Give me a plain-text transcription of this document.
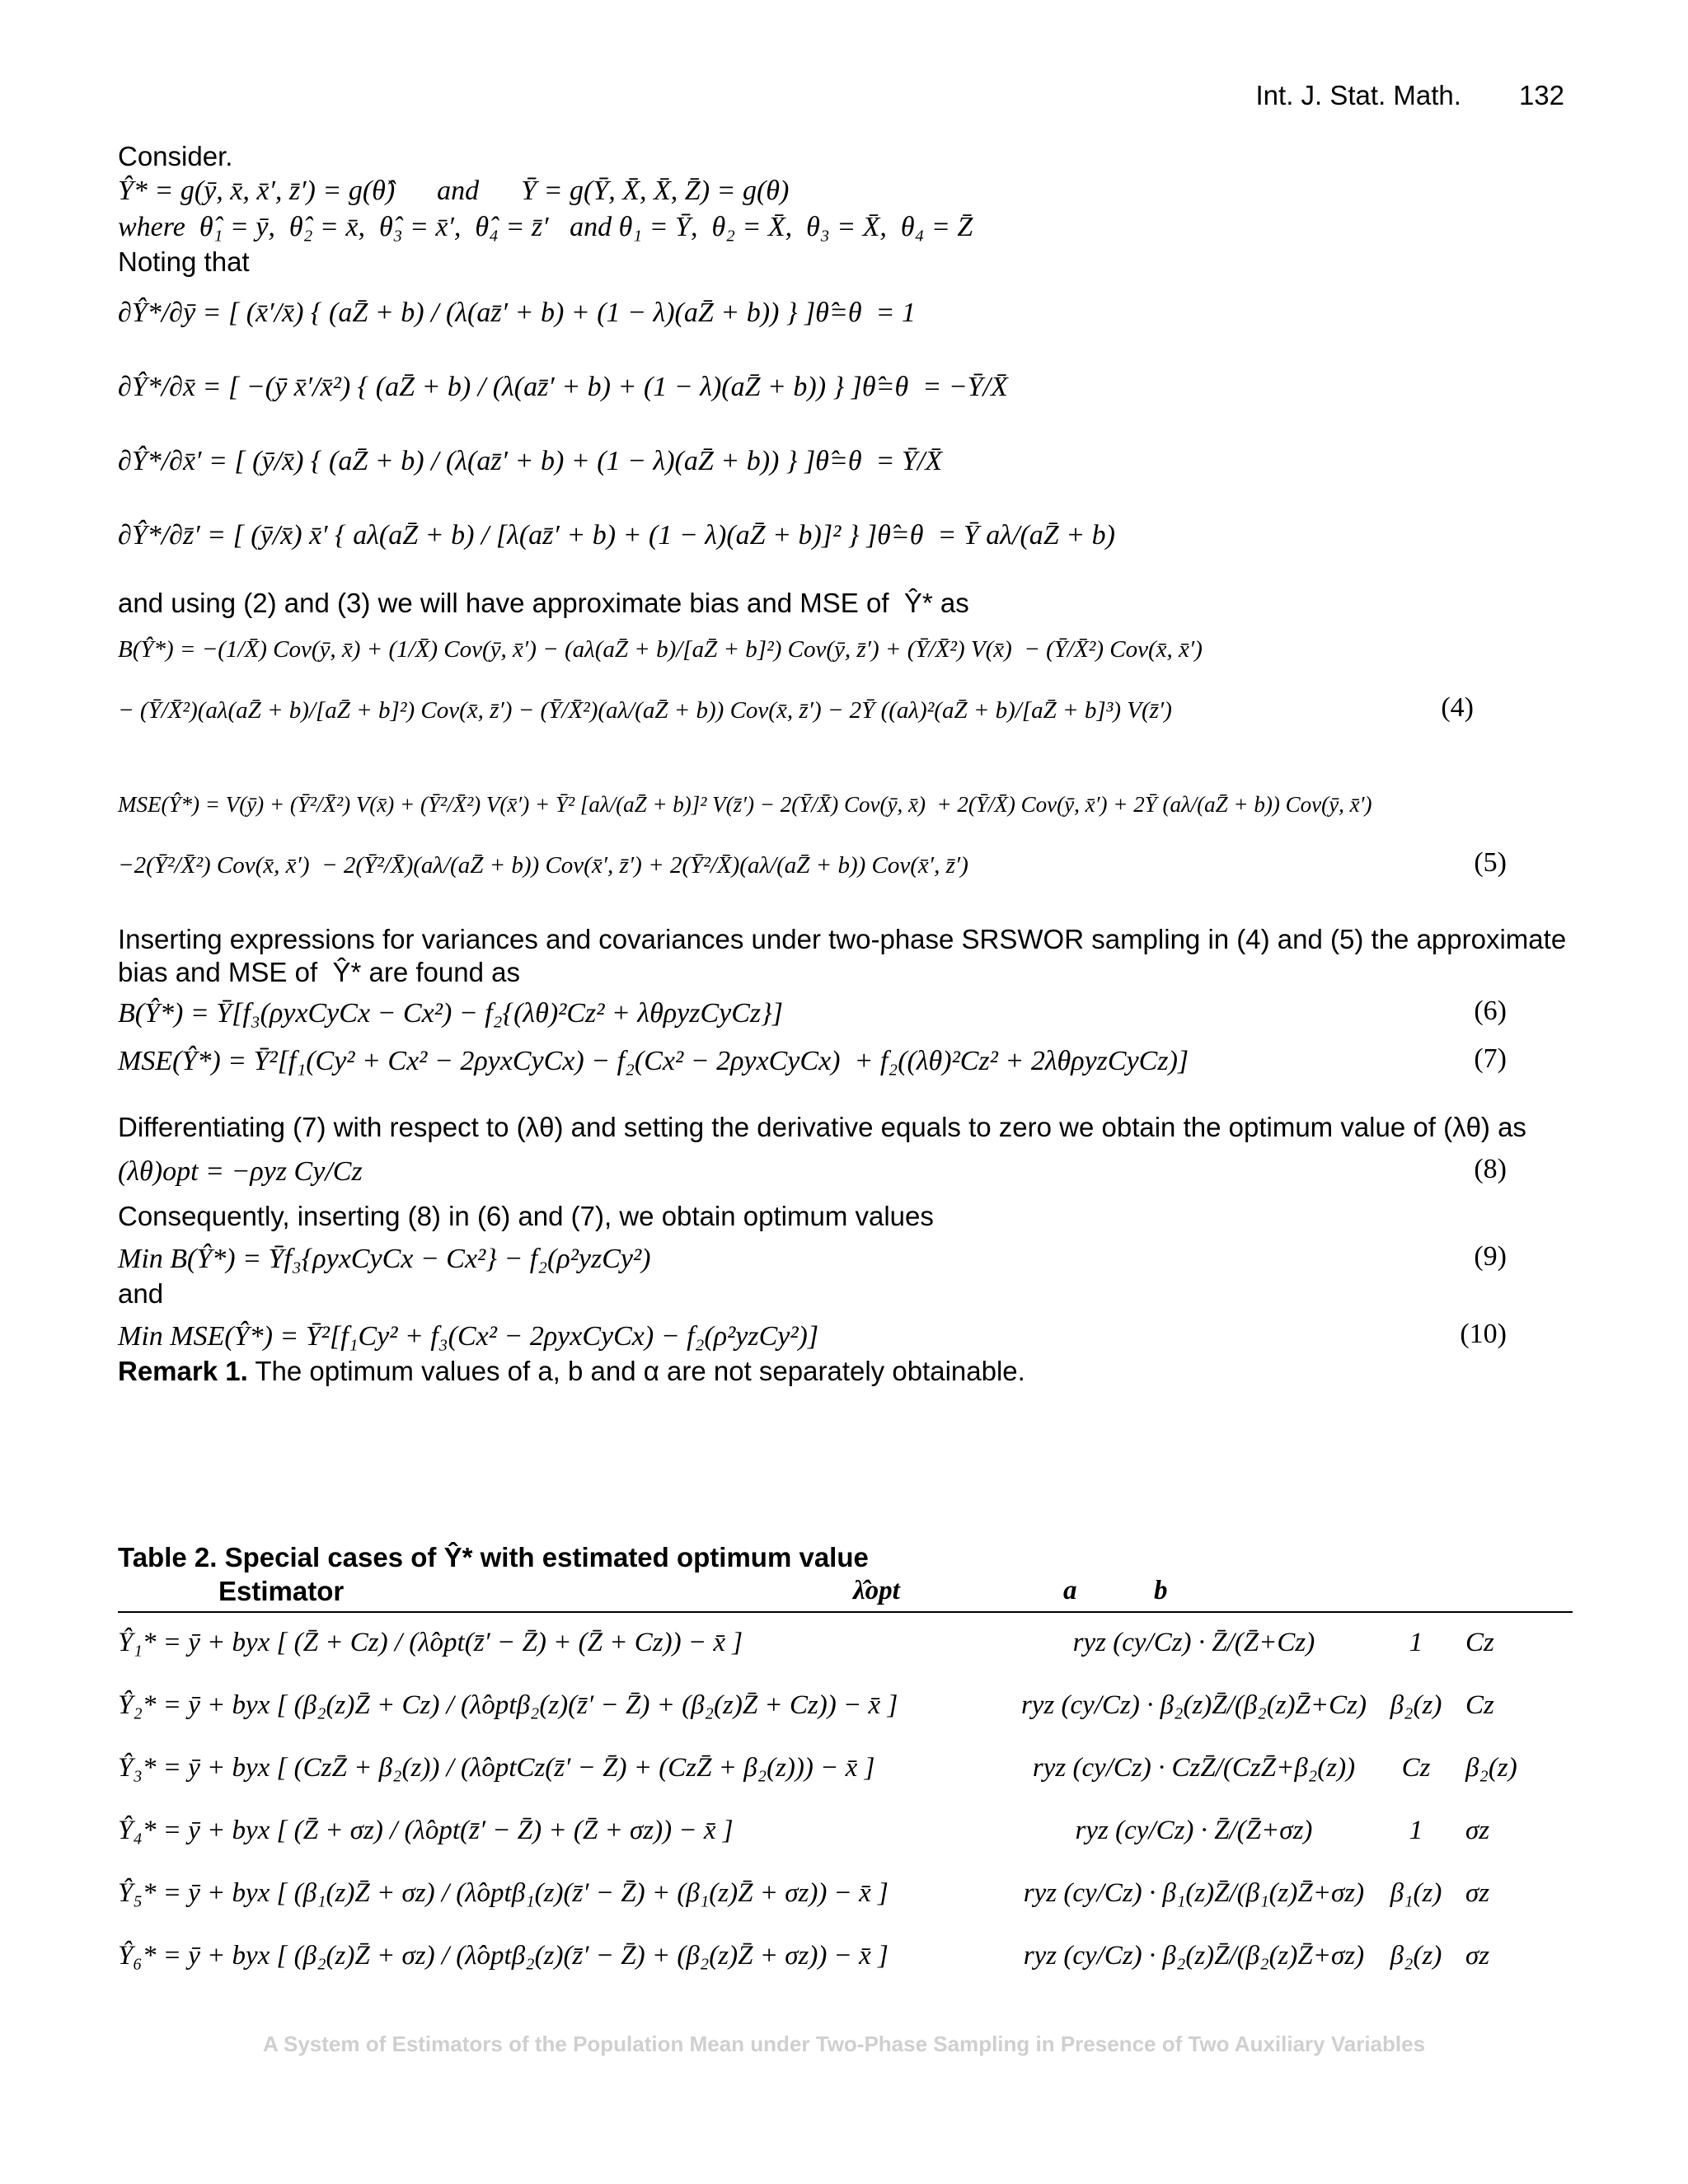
Int. J. Stat. Math. 132
Consider.
Ŷ* = g(ȳ, x̄, x̄′, z̄′) = g(θ̂)      and      Ȳ = g(Ȳ, X̄, X̄, Z̄) = g(θ)
where  θ̂₁ = ȳ,  θ̂₂ = x̄,  θ̂₃ = x̄′,  θ̂₄ = z̄′   and θ₁ = Ȳ,  θ₂ = X̄,  θ₃ = X̄,  θ₄ = Z̄
Noting that
∂Ŷ*/∂ȳ = [ (x̄′/x̄) { (aZ̄ + b) / (λ(az̄′ + b) + (1 − λ)(aZ̄ + b)) } ]θ̂=θ  = 1
∂Ŷ*/∂x̄ = [ −(ȳ x̄′/x̄²) { (aZ̄ + b) / (λ(az̄′ + b) + (1 − λ)(aZ̄ + b)) } ]θ̂=θ  = −Ȳ/X̄
∂Ŷ*/∂x̄′ = [ (ȳ/x̄) { (aZ̄ + b) / (λ(az̄′ + b) + (1 − λ)(aZ̄ + b)) } ]θ̂=θ  = Ȳ/X̄
∂Ŷ*/∂z̄′ = [ (ȳ/x̄) x̄′ { aλ(aZ̄ + b) / [λ(az̄′ + b) + (1 − λ)(aZ̄ + b)]² } ]θ̂=θ  = Ȳ aλ/(aZ̄ + b)
and using (2) and (3) we will have approximate bias and MSE of  Ŷ* as
B(Ŷ*) = −(1/X̄) Cov(ȳ, x̄) + (1/X̄) Cov(ȳ, x̄′) − (aλ(aZ̄ + b)/[aZ̄ + b]²) Cov(ȳ, z̄′) + (Ȳ/X̄²) V(x̄)  − (Ȳ/X̄²) Cov(x̄, x̄′)
− (Ȳ/X̄²)(aλ(aZ̄ + b)/[aZ̄ + b]²) Cov(x̄, z̄′) − (Ȳ/X̄²)(aλ/(aZ̄ + b)) Cov(x̄, z̄′) − 2Ȳ ((aλ)²(aZ̄ + b)/[aZ̄ + b]³) V(z̄′)	(4)
MSE(Ŷ*) = V(ȳ) + (Ȳ²/X̄²) V(x̄) + (Ȳ²/X̄²) V(x̄′) + Ȳ² [aλ/(aZ̄ + b)]² V(z̄′) − 2(Ȳ/X̄) Cov(ȳ, x̄)  + 2(Ȳ/X̄) Cov(ȳ, x̄′) + 2Ȳ (aλ/(aZ̄ + b)) Cov(ȳ, x̄′)
−2(Ȳ²/X̄²) Cov(x̄, x̄′)  − 2(Ȳ²/X̄)(aλ/(aZ̄ + b)) Cov(x̄′, z̄′) + 2(Ȳ²/X̄)(aλ/(aZ̄ + b)) Cov(x̄′, z̄′)	(5)
Inserting expressions for variances and covariances under two-phase SRSWOR sampling in (4) and (5) the approximate
bias and MSE of  Ŷ* are found as
B(Ŷ*) = Ȳ[f₃(ρyxCyCx − Cx²) − f₂{(λθ)²Cz² + λθρyzCyCz}]	(6)
MSE(Ŷ*) = Ȳ²[f₁(Cy² + Cx² − 2ρyxCyCx) − f₂(Cx² − 2ρyxCyCx)  + f₂((λθ)²Cz² + 2λθρyzCyCz)]	(7)
Differentiating (7) with respect to (λθ) and setting the derivative equals to zero we obtain the optimum value of (λθ) as
(λθ)opt = −ρyz Cy/Cz	(8)
Consequently, inserting (8) in (6) and (7), we obtain optimum values
Min B(Ŷ*) = Ȳf₃{ρyxCyCx − Cx²} − f₂(ρ²yzCy²)	(9)
and
Min MSE(Ŷ*) = Ȳ²[f₁Cy² + f₃(Cx² − 2ρyxCyCx) − f₂(ρ²yzCy²)]	(10)
Remark 1. The optimum values of a, b and α are not separately obtainable.
Table 2. Special cases of Ŷ* with estimated optimum value
Estimator	λ̂opt	a	b
Ŷ₁* = ȳ + byx [ (Z̄ + Cz) / (λ̂opt(z̄′ − Z̄) + (Z̄ + Cz)) − x̄ ]	ryz (cy/Cz) · Z̄/(Z̄+Cz)	1	Cz
Ŷ₂* = ȳ + byx [ (β₂(z)Z̄ + Cz) / (λ̂optβ₂(z)(z̄′ − Z̄) + (β₂(z)Z̄ + Cz)) − x̄ ]	ryz (cy/Cz) · β₂(z)Z̄/(β₂(z)Z̄+Cz)	β₂(z)	Cz
Ŷ₃* = ȳ + byx [ (CzZ̄ + β₂(z)) / (λ̂optCz(z̄′ − Z̄) + (CzZ̄ + β₂(z))) − x̄ ]	ryz (cy/Cz) · CzZ̄/(CzZ̄+β₂(z))	Cz	β₂(z)
Ŷ₄* = ȳ + byx [ (Z̄ + σz) / (λ̂opt(z̄′ − Z̄) + (Z̄ + σz)) − x̄ ]	ryz (cy/Cz) · Z̄/(Z̄+σz)	1	σz
Ŷ₅* = ȳ + byx [ (β₁(z)Z̄ + σz) / (λ̂optβ₁(z)(z̄′ − Z̄) + (β₁(z)Z̄ + σz)) − x̄ ]	ryz (cy/Cz) · β₁(z)Z̄/(β₁(z)Z̄+σz)	β₁(z)	σz
Ŷ₆* = ȳ + byx [ (β₂(z)Z̄ + σz) / (λ̂optβ₂(z)(z̄′ − Z̄) + (β₂(z)Z̄ + σz)) − x̄ ]	ryz (cy/Cz) · β₂(z)Z̄/(β₂(z)Z̄+σz)	β₂(z)	σz
A System of Estimators of the Population Mean under Two-Phase Sampling in Presence of Two Auxiliary Variables
